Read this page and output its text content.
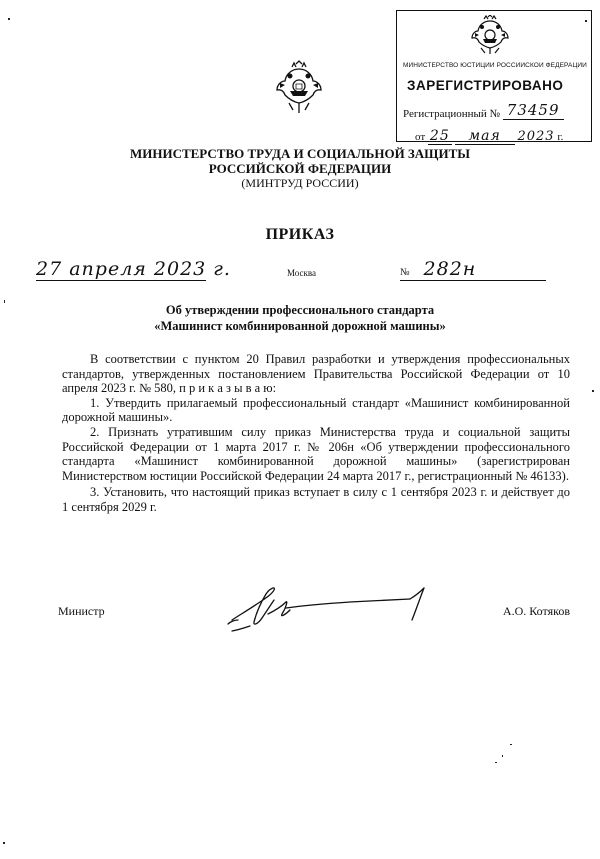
МИНИСТЕРСТВО ЮСТИЦИИ РОССИЙСКОЙ ФЕДЕРАЦИИ
ЗАРЕГИСТРИРОВАНО
Регистрационный № 73459
от 25 мая 2023 г.
МИНИСТЕРСТВО ТРУДА И СОЦИАЛЬНОЙ ЗАЩИТЫ
РОССИЙСКОЙ ФЕДЕРАЦИИ
(МИНТРУД РОССИИ)
ПРИКАЗ
27 апреля 2023 г.	Москва	№ 282н
Об утверждении профессионального стандарта
«Машинист комбинированной дорожной машины»

В соответствии с пунктом 20 Правил разработки и утверждения профессиональных стандартов, утвержденных постановлением Правительства Российской Федерации от 10 апреля 2023 г. № 580, п р и к а з ы в а ю:

1. Утвердить прилагаемый профессиональный стандарт «Машинист комбинированной дорожной машины».

2. Признать утратившим силу приказ Министерства труда и социальной защиты Российской Федерации от 1 марта 2017 г. № 206н «Об утверждении профессионального стандарта «Машинист комбинированной дорожной машины» (зарегистрирован Министерством юстиции Российской Федерации 24 марта 2017 г., регистрационный № 46133).

3. Установить, что настоящий приказ вступает в силу с 1 сентября 2023 г. и действует до 1 сентября 2029 г.

Министр	А.О. Котяков
